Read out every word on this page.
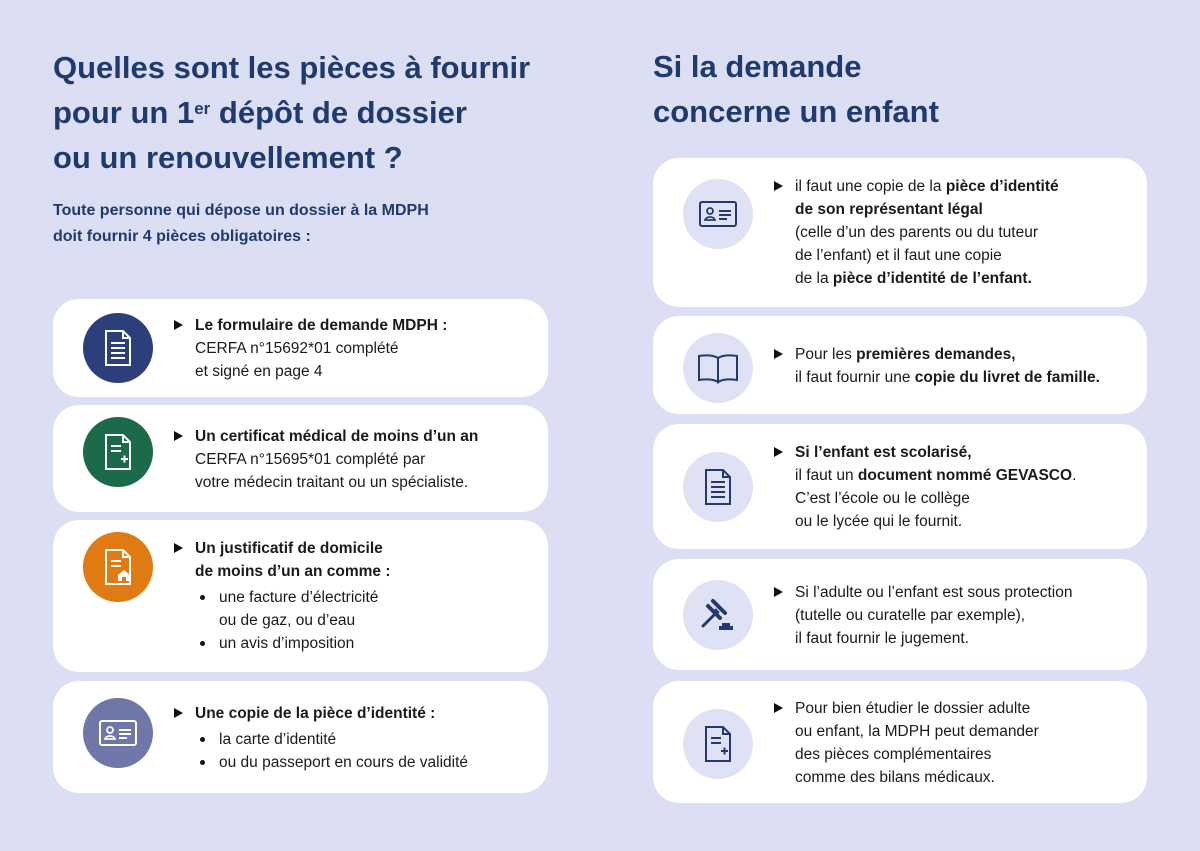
Quelles sont les pièces à fournir
pour un 1er dépôt de dossier
ou un renouvellement ?
Toute personne qui dépose un dossier à la MDPH
doit fournir 4 pièces obligatoires :
Le formulaire de demande MDPH :
CERFA n°15692*01 complété
et signé en page 4
Un certificat médical de moins d’un an
CERFA n°15695*01 complété par
votre médecin traitant ou un spécialiste.
Un justificatif de domicile
de moins d’un an comme :
une facture d’électricité
ou de gaz, ou d’eau
un avis d’imposition
Une copie de la pièce d’identité :
la carte d’identité
ou du passeport en cours de validité
Si la demande
concerne un enfant
il faut une copie de la pièce d’identité
de son représentant légal
(celle d’un des parents ou du tuteur
de l’enfant) et il faut une copie
de la pièce d’identité de l’enfant.
Pour les premières demandes,
il faut fournir une copie du livret de famille.
Si l’enfant est scolarisé,
il faut un document nommé GEVASCO.
C’est l’école ou le collège
ou le lycée qui le fournit.
Si l’adulte ou l’enfant est sous protection
(tutelle ou curatelle par exemple),
il faut fournir le jugement.
Pour bien étudier le dossier adulte
ou enfant, la MDPH peut demander
des pièces complémentaires
comme des bilans médicaux.
